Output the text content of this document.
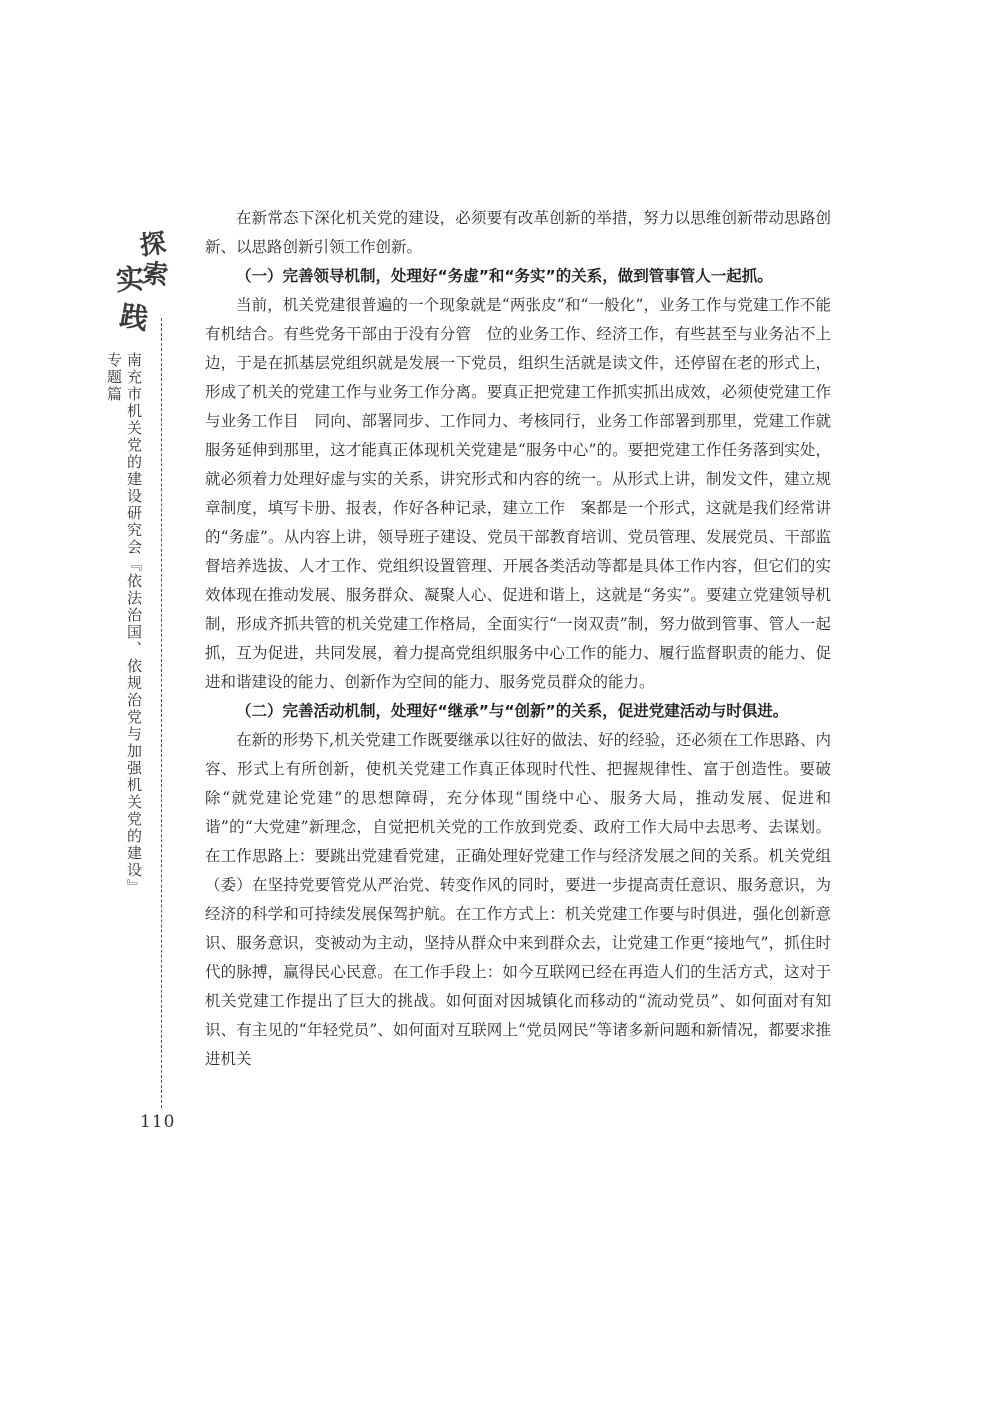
探
索
实
践
南充市机关党的建设研究会『依法治国、依规治党与加强机关党的建设』专题篇
110

在新常态下深化机关党的建设，必须要有改革创新的举措，努力以思维创新带动思路创新、以思路创新引领工作创新。

（一）完善领导机制，处理好“务虚”和“务实”的关系，做到管事管人一起抓。

当前，机关党建很普遍的一个现象就是“两张皮”和“一般化”，业务工作与党建工作不能有机结合。有些党务干部由于没有分管　位的业务工作、经济工作，有些甚至与业务沾不上边，于是在抓基层党组织就是发展一下党员，组织生活就是读文件，还停留在老的形式上，形成了机关的党建工作与业务工作分离。要真正把党建工作抓实抓出成效，必须使党建工作与业务工作目　同向、部署同步、工作同力、考核同行，业务工作部署到那里，党建工作就服务延伸到那里，这才能真正体现机关党建是“服务中心”的。要把党建工作任务落到实处，就必须着力处理好虚与实的关系，讲究形式和内容的统一。从形式上讲，制发文件，建立规章制度，填写卡册、报表，作好各种记录，建立工作　案都是一个形式，这就是我们经常讲的“务虚”。从内容上讲，领导班子建设、党员干部教育培训、党员管理、发展党员、干部监督培养选拔、人才工作、党组织设置管理、开展各类活动等都是具体工作内容，但它们的实效体现在推动发展、服务群众、凝聚人心、促进和谐上，这就是“务实”。要建立党建领导机制，形成齐抓共管的机关党建工作格局，全面实行“一岗双责”制，努力做到管事、管人一起抓，互为促进，共同发展，着力提高党组织服务中心工作的能力、履行监督职责的能力、促进和谐建设的能力、创新作为空间的能力、服务党员群众的能力。

（二）完善活动机制，处理好“继承”与“创新”的关系，促进党建活动与时俱进。

在新的形势下,机关党建工作既要继承以往好的做法、好的经验，还必须在工作思路、内容、形式上有所创新，使机关党建工作真正体现时代性、把握规律性、富于创造性。要破除“就党建论党建”的思想障碍，充分体现“围绕中心、服务大局，推动发展、促进和谐”的“大党建”新理念，自觉把机关党的工作放到党委、政府工作大局中去思考、去谋划。在工作思路上：要跳出党建看党建，正确处理好党建工作与经济发展之间的关系。机关党组（委）在坚持党要管党从严治党、转变作风的同时，要进一步提高责任意识、服务意识，为经济的科学和可持续发展保驾护航。在工作方式上：机关党建工作要与时俱进，强化创新意识、服务意识，变被动为主动，坚持从群众中来到群众去，让党建工作更“接地气”，抓住时代的脉搏，赢得民心民意。在工作手段上：如今互联网已经在再造人们的生活方式，这对于机关党建工作提出了巨大的挑战。如何面对因城镇化而移动的“流动党员”、如何面对有知识、有主见的“年轻党员”、如何面对互联网上“党员网民”等诸多新问题和新情况，都要求推进机关
